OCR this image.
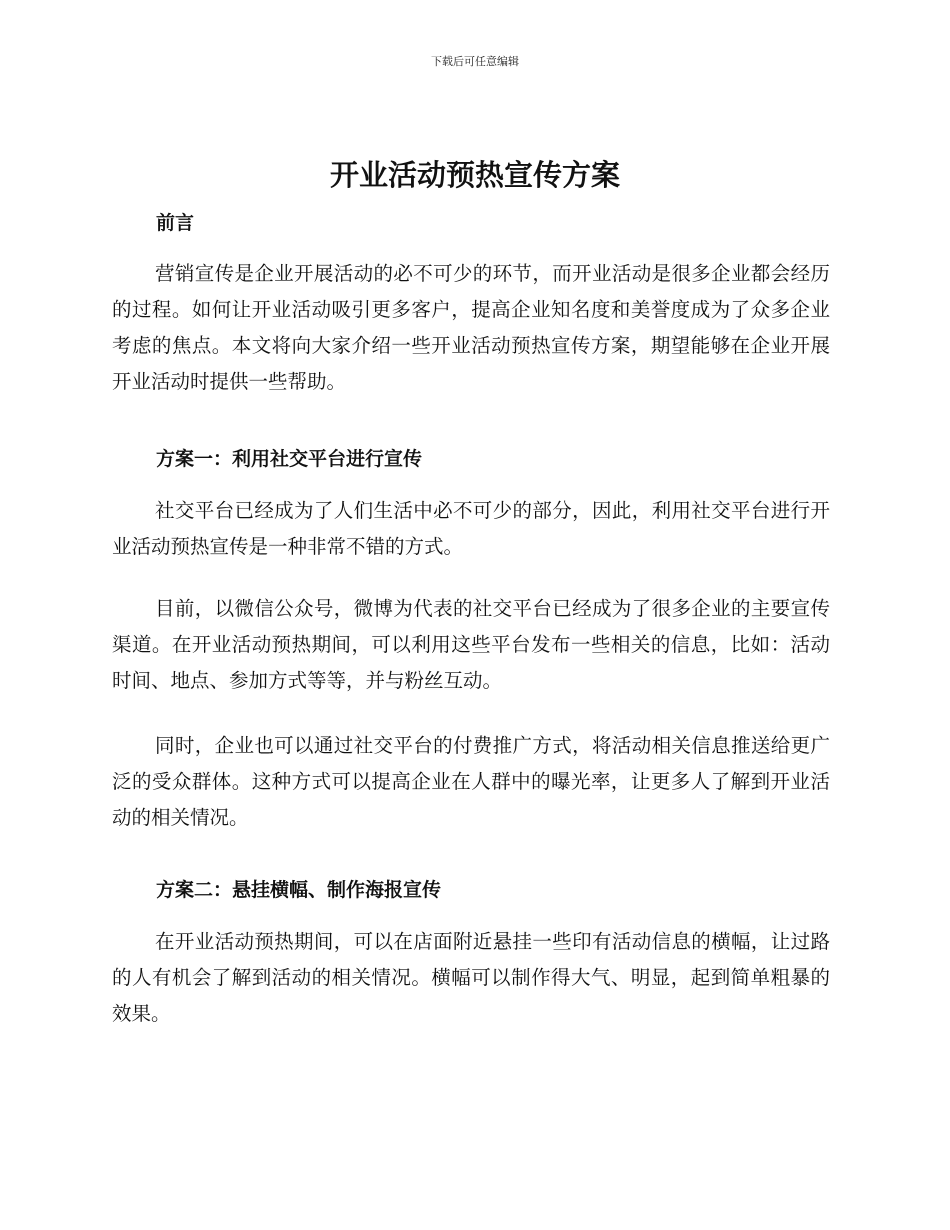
下载后可任意编辑
开业活动预热宣传方案
前言

营销宣传是企业开展活动的必不可少的环节，而开业活动是很多企业都会经历的过程。如何让开业活动吸引更多客户，提高企业知名度和美誉度成为了众多企业考虑的焦点。本文将向大家介绍一些开业活动预热宣传方案，期望能够在企业开展开业活动时提供一些帮助。

方案一：利用社交平台进行宣传

社交平台已经成为了人们生活中必不可少的部分，因此，利用社交平台进行开业活动预热宣传是一种非常不错的方式。

目前，以微信公众号，微博为代表的社交平台已经成为了很多企业的主要宣传渠道。在开业活动预热期间，可以利用这些平台发布一些相关的信息，比如：活动时间、地点、参加方式等等，并与粉丝互动。

同时，企业也可以通过社交平台的付费推广方式，将活动相关信息推送给更广泛的受众群体。这种方式可以提高企业在人群中的曝光率，让更多人了解到开业活动的相关情况。

方案二：悬挂横幅、制作海报宣传

在开业活动预热期间，可以在店面附近悬挂一些印有活动信息的横幅，让过路的人有机会了解到活动的相关情况。横幅可以制作得大气、明显，起到简单粗暴的效果。
